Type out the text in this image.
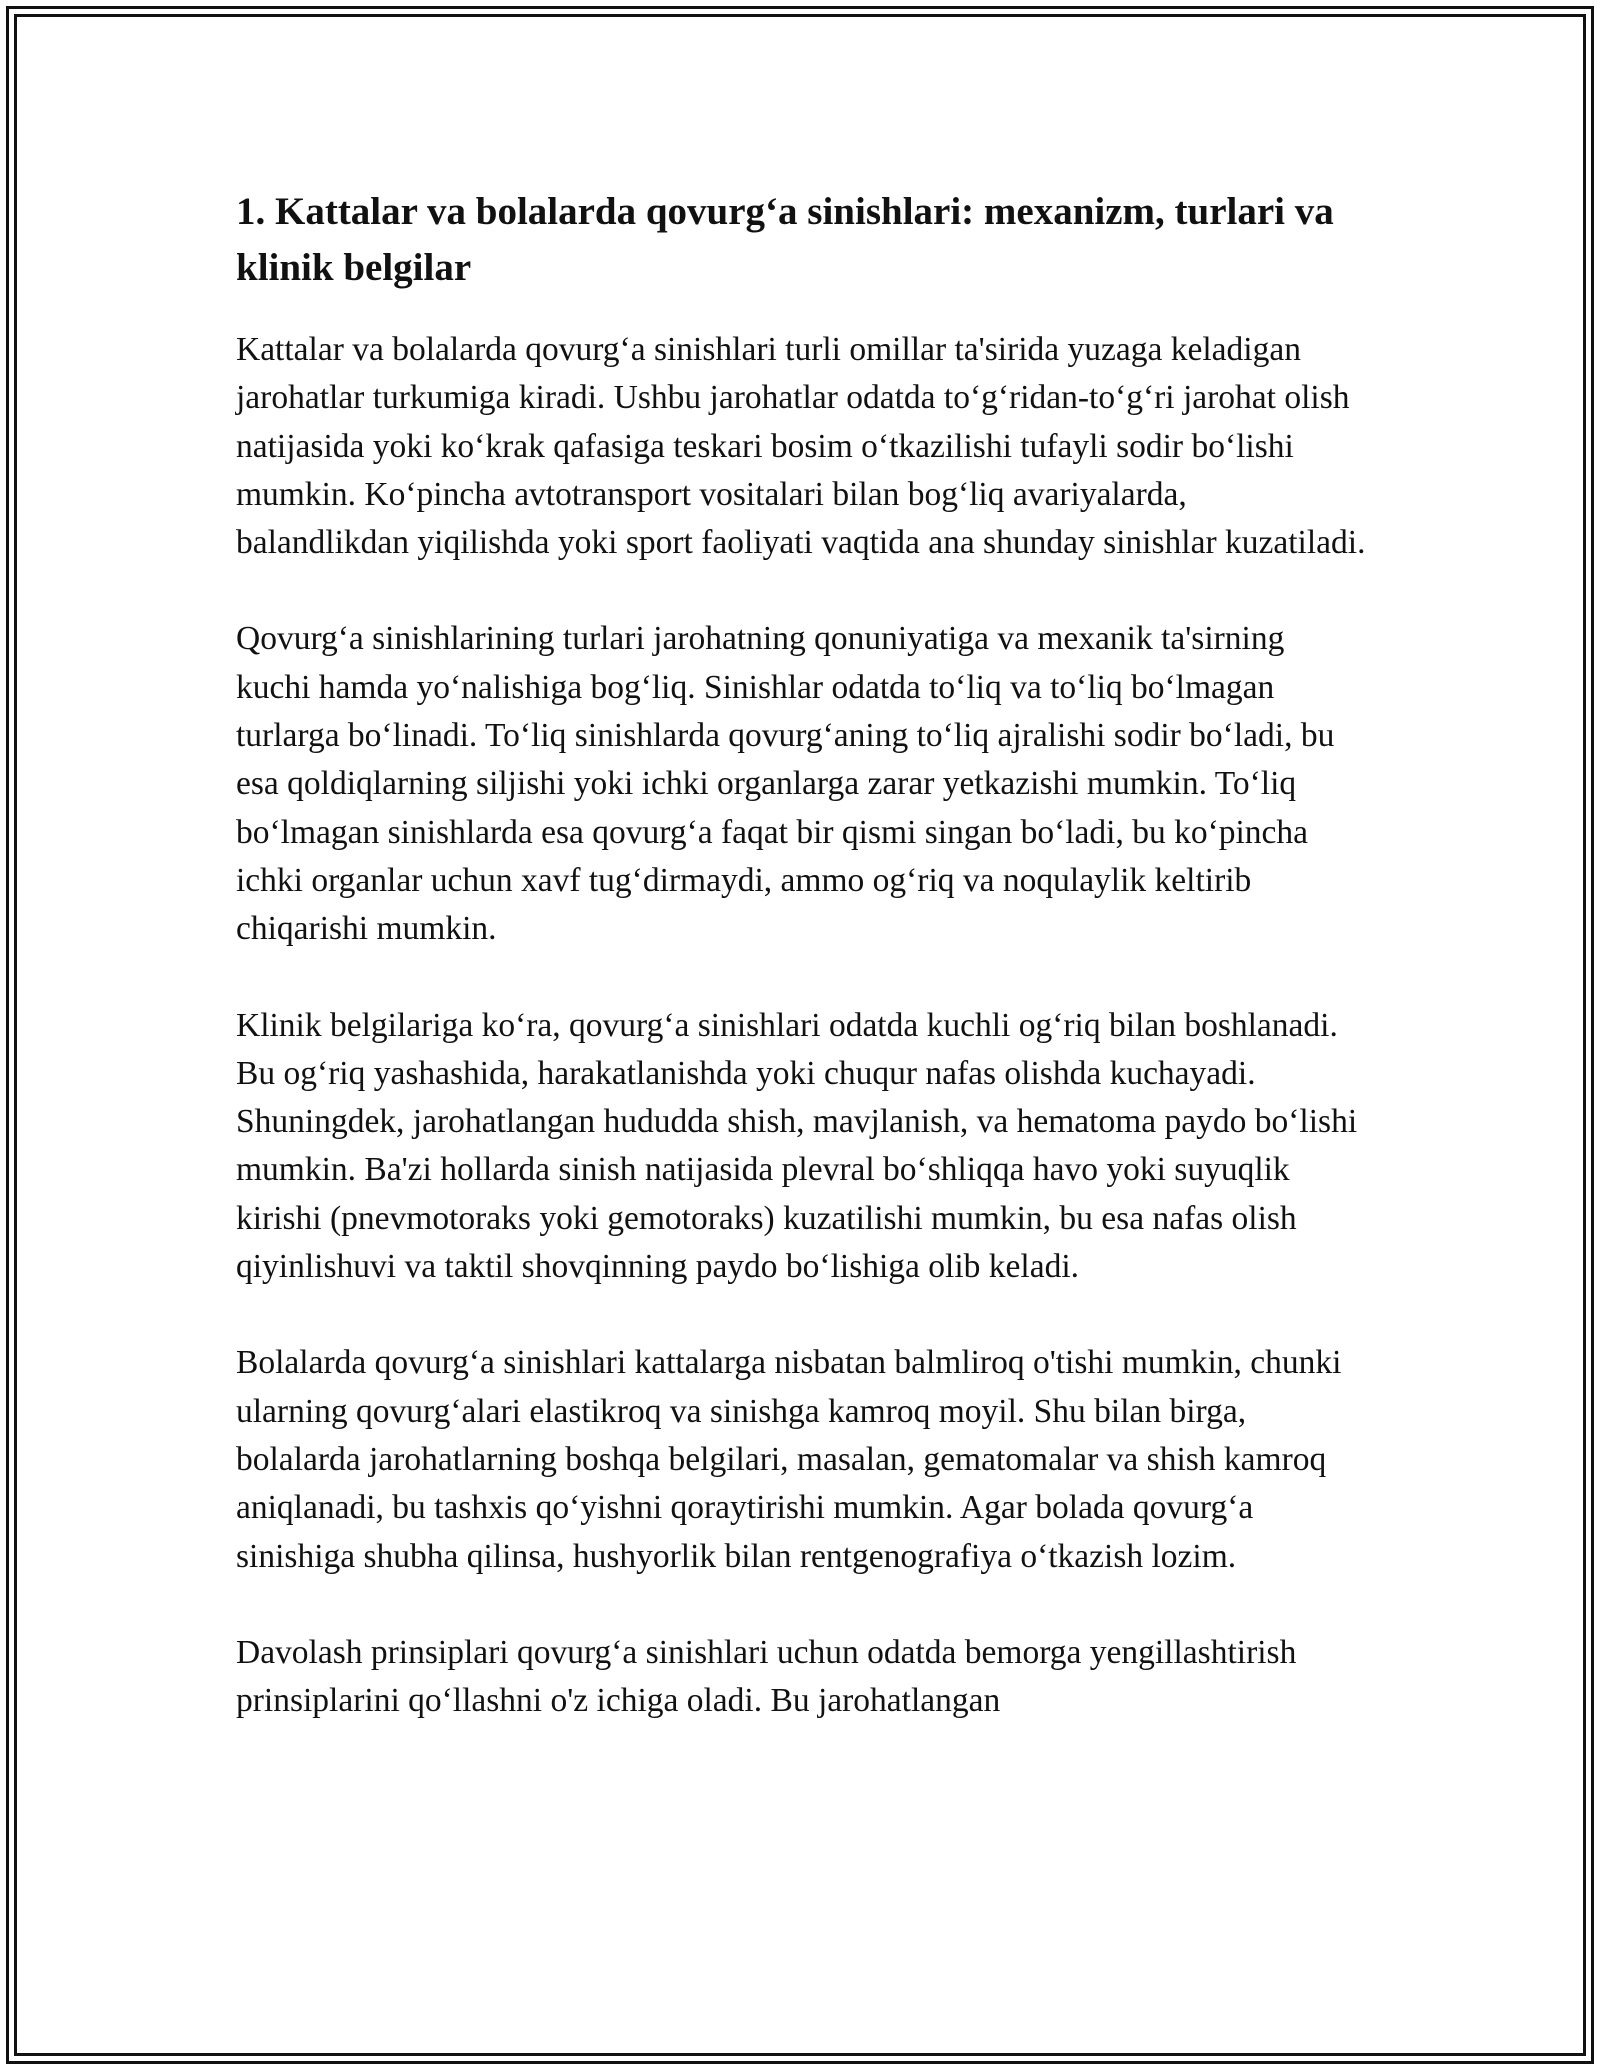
1. Kattalar va bolalarda qovurg‘a sinishlari: mexanizm, turlari va klinik belgilar

Kattalar va bolalarda qovurg‘a sinishlari turli omillar ta'sirida yuzaga keladigan jarohatlar turkumiga kiradi. Ushbu jarohatlar odatda to‘g‘ridan-to‘g‘ri jarohat olish natijasida yoki ko‘krak qafasiga teskari bosim o‘tkazilishi tufayli sodir bo‘lishi mumkin. Ko‘pincha avtotransport vositalari bilan bog‘liq avariyalarda, balandlikdan yiqilishda yoki sport faoliyati vaqtida ana shunday sinishlar kuzatiladi.

Qovurg‘a sinishlarining turlari jarohatning qonuniyatiga va mexanik ta'sirning kuchi hamda yo‘nalishiga bog‘liq. Sinishlar odatda to‘liq va to‘liq bo‘lmagan turlarga bo‘linadi. To‘liq sinishlarda qovurg‘aning to‘liq ajralishi sodir bo‘ladi, bu esa qoldiqlarning siljishi yoki ichki organlarga zarar yetkazishi mumkin. To‘liq bo‘lmagan sinishlarda esa qovurg‘a faqat bir qismi singan bo‘ladi, bu ko‘pincha ichki organlar uchun xavf tug‘dirmaydi, ammo og‘riq va noqulaylik keltirib chiqarishi mumkin.

Klinik belgilariga ko‘ra, qovurg‘a sinishlari odatda kuchli og‘riq bilan boshlanadi. Bu og‘riq yashashida, harakatlanishda yoki chuqur nafas olishda kuchayadi. Shuningdek, jarohatlangan hududda shish, mavjlanish, va hematoma paydo bo‘lishi mumkin. Ba'zi hollarda sinish natijasida plevral bo‘shliqqa havo yoki suyuqlik kirishi (pnevmotoraks yoki gemotoraks) kuzatilishi mumkin, bu esa nafas olish qiyinlishuvi va taktil shovqinning paydo bo‘lishiga olib keladi.

Bolalarda qovurg‘a sinishlari kattalarga nisbatan balmliroq o'tishi mumkin, chunki ularning qovurg‘alari elastikroq va sinishga kamroq moyil. Shu bilan birga, bolalarda jarohatlarning boshqa belgilari, masalan, gematomalar va shish kamroq aniqlanadi, bu tashxis qo‘yishni qoraytirishi mumkin. Agar bolada qovurg‘a sinishiga shubha qilinsa, hushyorlik bilan rentgenografiya o‘tkazish lozim.

Davolash prinsiplari qovurg‘a sinishlari uchun odatda bemorga yengillashtirish prinsiplarini qo‘llashni o'z ichiga oladi. Bu jarohatlangan
